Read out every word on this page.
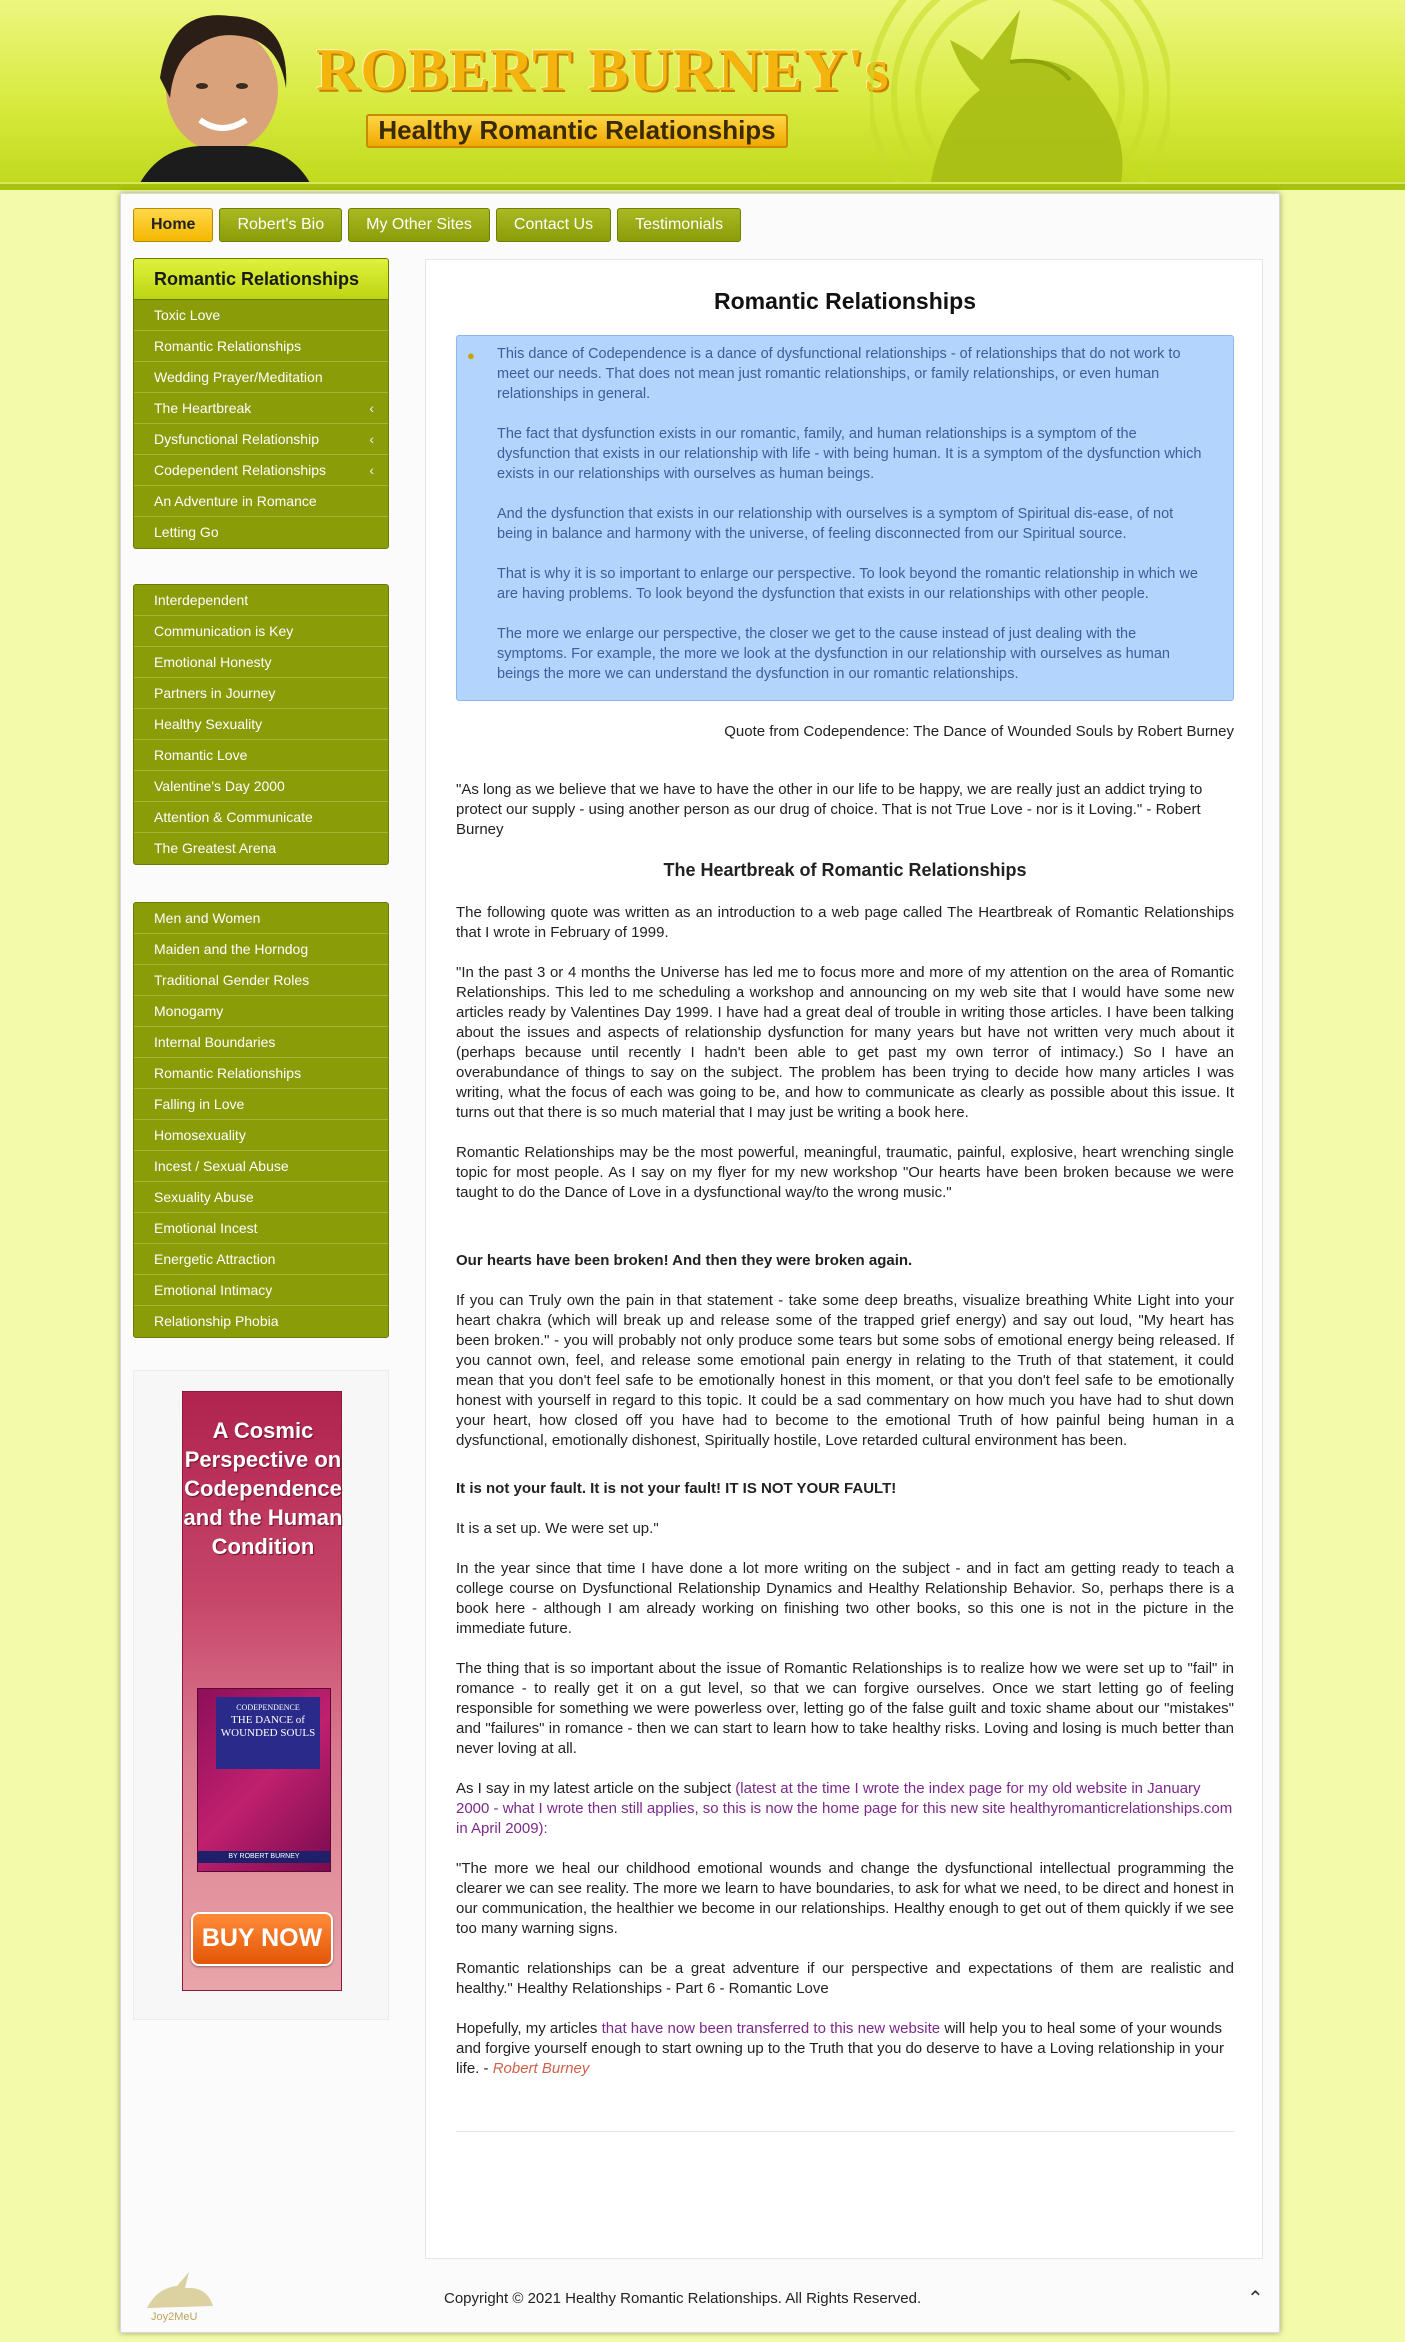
ROBERT BURNEY's
Healthy Romantic Relationships
Home	Robert's Bio	My Other Sites	Contact Us	Testimonials
Romantic Relationships
Toxic Love
Romantic Relationships
Wedding Prayer/Meditation
The Heartbreak	‹
Dysfunctional Relationship	‹
Codependent Relationships	‹
An Adventure in Romance
Letting Go
Interdependent
Communication is Key
Emotional Honesty
Partners in Journey
Healthy Sexuality
Romantic Love
Valentine's Day 2000
Attention & Communicate
The Greatest Arena
Men and Women
Maiden and the Horndog
Traditional Gender Roles
Monogamy
Internal Boundaries
Romantic Relationships
Falling in Love
Homosexuality
Incest / Sexual Abuse
Sexuality Abuse
Emotional Incest
Energetic Attraction
Emotional Intimacy
Relationship Phobia
A Cosmic Perspective on Codependence and the Human Condition
CODEPENDENCE
THE DANCE of WOUNDED SOULS
BY ROBERT BURNEY
BUY NOW
Romantic Relationships
● This dance of Codependence is a dance of dysfunctional relationships - of relationships that do not work to meet our needs. That does not mean just romantic relationships, or family relationships, or even human relationships in general.

The fact that dysfunction exists in our romantic, family, and human relationships is a symptom of the dysfunction that exists in our relationship with life - with being human. It is a symptom of the dysfunction which exists in our relationships with ourselves as human beings.

And the dysfunction that exists in our relationship with ourselves is a symptom of Spiritual dis-ease, of not being in balance and harmony with the universe, of feeling disconnected from our Spiritual source.

That is why it is so important to enlarge our perspective. To look beyond the romantic relationship in which we are having problems. To look beyond the dysfunction that exists in our relationships with other people.

The more we enlarge our perspective, the closer we get to the cause instead of just dealing with the symptoms. For example, the more we look at the dysfunction in our relationship with ourselves as human beings the more we can understand the dysfunction in our romantic relationships.

Quote from Codependence: The Dance of Wounded Souls by Robert Burney

"As long as we believe that we have to have the other in our life to be happy, we are really just an addict trying to protect our supply - using another person as our drug of choice. That is not True Love - nor is it Loving." - Robert Burney

The Heartbreak of Romantic Relationships

The following quote was written as an introduction to a web page called The Heartbreak of Romantic Relationships that I wrote in February of 1999.

"In the past 3 or 4 months the Universe has led me to focus more and more of my attention on the area of Romantic Relationships. This led to me scheduling a workshop and announcing on my web site that I would have some new articles ready by Valentines Day 1999. I have had a great deal of trouble in writing those articles. I have been talking about the issues and aspects of relationship dysfunction for many years but have not written very much about it (perhaps because until recently I hadn't been able to get past my own terror of intimacy.) So I have an overabundance of things to say on the subject. The problem has been trying to decide how many articles I was writing, what the focus of each was going to be, and how to communicate as clearly as possible about this issue. It turns out that there is so much material that I may just be writing a book here.

Romantic Relationships may be the most powerful, meaningful, traumatic, painful, explosive, heart wrenching single topic for most people. As I say on my flyer for my new workshop "Our hearts have been broken because we were taught to do the Dance of Love in a dysfunctional way/to the wrong music."

Our hearts have been broken! And then they were broken again.

If you can Truly own the pain in that statement - take some deep breaths, visualize breathing White Light into your heart chakra (which will break up and release some of the trapped grief energy) and say out loud, "My heart has been broken." - you will probably not only produce some tears but some sobs of emotional energy being released. If you cannot own, feel, and release some emotional pain energy in relating to the Truth of that statement, it could mean that you don't feel safe to be emotionally honest in this moment, or that you don't feel safe to be emotionally honest with yourself in regard to this topic. It could be a sad commentary on how much you have had to shut down your heart, how closed off you have had to become to the emotional Truth of how painful being human in a dysfunctional, emotionally dishonest, Spiritually hostile, Love retarded cultural environment has been.

It is not your fault. It is not your fault! IT IS NOT YOUR FAULT!

It is a set up. We were set up."

In the year since that time I have done a lot more writing on the subject - and in fact am getting ready to teach a college course on Dysfunctional Relationship Dynamics and Healthy Relationship Behavior. So, perhaps there is a book here - although I am already working on finishing two other books, so this one is not in the picture in the immediate future.

The thing that is so important about the issue of Romantic Relationships is to realize how we were set up to "fail" in romance - to really get it on a gut level, so that we can forgive ourselves. Once we start letting go of feeling responsible for something we were powerless over, letting go of the false guilt and toxic shame about our "mistakes" and "failures" in romance - then we can start to learn how to take healthy risks. Loving and losing is much better than never loving at all.

As I say in my latest article on the subject (latest at the time I wrote the index page for my old website in January 2000 - what I wrote then still applies, so this is now the home page for this new site healthyromanticrelationships.com in April 2009):

"The more we heal our childhood emotional wounds and change the dysfunctional intellectual programming the clearer we can see reality. The more we learn to have boundaries, to ask for what we need, to be direct and honest in our communication, the healthier we become in our relationships. Healthy enough to get out of them quickly if we see too many warning signs.

Romantic relationships can be a great adventure if our perspective and expectations of them are realistic and healthy." Healthy Relationships - Part 6 - Romantic Love

Hopefully, my articles that have now been transferred to this new website will help you to heal some of your wounds and forgive yourself enough to start owning up to the Truth that you do deserve to have a Loving relationship in your life. - Robert Burney

Joy2MeU
Copyright © 2021 Healthy Romantic Relationships. All Rights Reserved.	⌃
